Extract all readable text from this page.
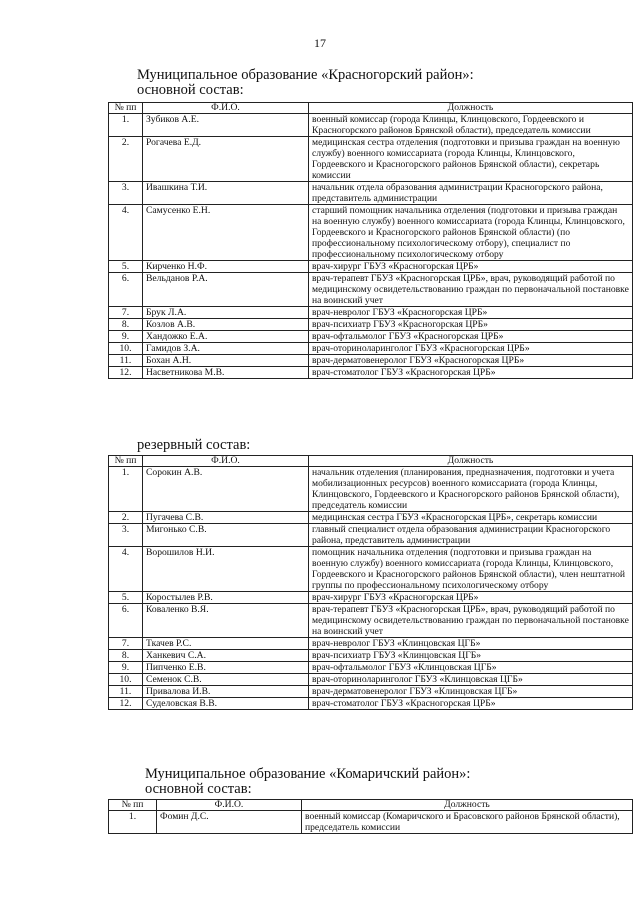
17
Муниципальное образование «Красногорский район»:
основной состав:
№ пп	Ф.И.О.	Должность
1.	Зубиков А.Е.	военный комиссар (города Клинцы, Клинцовского, Гордеевского и Красногорского районов Брянской области), председатель комиссии
2.	Рогачева Е.Д.	медицинская сестра отделения (подготовки и призыва граждан на военную службу) военного комиссариата (города Клинцы, Клинцовского, Гордеевского и Красногорского районов Брянской области), секретарь комиссии
3.	Ивашкина Т.И.	начальник отдела образования администрации Красногорского района, представитель администрации
4.	Самусенко Е.Н.	старший помощник начальника отделения (подготовки и призыва граждан на военную службу) военного комиссариата (города Клинцы, Клинцовского, Гордеевского и Красногорского районов Брянской области) (по профессиональному психологическому отбору), специалист по профессиональному психологическому отбору
5.	Кирченко Н.Ф.	врач-хирург ГБУЗ «Красногорская ЦРБ»
6.	Вельданов Р.А.	врач-терапевт ГБУЗ «Красногорская ЦРБ», врач, руководящий работой по медицинскому освидетельствованию граждан по первоначальной постановке на воинский учет
7.	Брук Л.А.	врач-невролог ГБУЗ «Красногорская ЦРБ»
8.	Козлов А.В.	врач-психиатр ГБУЗ «Красногорская ЦРБ»
9.	Хандожко Е.А.	врач-офтальмолог ГБУЗ «Красногорская ЦРБ»
10.	Гамидов З.А.	врач-оториноларинголог ГБУЗ «Красногорская ЦРБ»
11.	Бохан А.Н.	врач-дерматовенеролог ГБУЗ «Красногорская ЦРБ»
12.	Насветникова М.В.	врач-стоматолог ГБУЗ «Красногорская ЦРБ»
резервный состав:
№ пп	Ф.И.О.	Должность
1.	Сорокин А.В.	начальник отделения (планирования, предназначения, подготовки и учета мобилизационных ресурсов) военного комиссариата (города Клинцы, Клинцовского, Гордеевского и Красногорского районов Брянской области), председатель комиссии
2.	Пугачева С.В.	медицинская сестра ГБУЗ «Красногорская ЦРБ», секретарь комиссии
3.	Мигонько С.В.	главный специалист отдела образования администрации Красногорского района, представитель администрации
4.	Ворошилов Н.И.	помощник начальника отделения (подготовки и призыва граждан на военную службу) военного комиссариата (города Клинцы, Клинцовского, Гордеевского и Красногорского районов Брянской области), член нештатной группы по профессиональному психологическому отбору
5.	Коростылев Р.В.	врач-хирург ГБУЗ «Красногорская ЦРБ»
6.	Коваленко В.Я.	врач-терапевт ГБУЗ «Красногорская ЦРБ», врач, руководящий работой по медицинскому освидетельствованию граждан по первоначальной постановке на воинский учет
7.	Ткачев Р.С.	врач-невролог ГБУЗ «Клинцовская ЦГБ»
8.	Ханкевич С.А.	врач-психиатр ГБУЗ «Клинцовская ЦГБ»
9.	Пипченко Е.В.	врач-офтальмолог ГБУЗ «Клинцовская ЦГБ»
10.	Семенок С.В.	врач-оториноларинголог ГБУЗ «Клинцовская ЦГБ»
11.	Привалова И.В.	врач-дерматовенеролог ГБУЗ «Клинцовская ЦГБ»
12.	Суделовская В.В.	врач-стоматолог ГБУЗ «Красногорская ЦРБ»
Муниципальное образование «Комаричский район»:
основной состав:
№ пп	Ф.И.О.	Должность
1.	Фомин Д.С.	военный комиссар (Комаричского и Брасовского районов Брянской области), председатель комиссии
